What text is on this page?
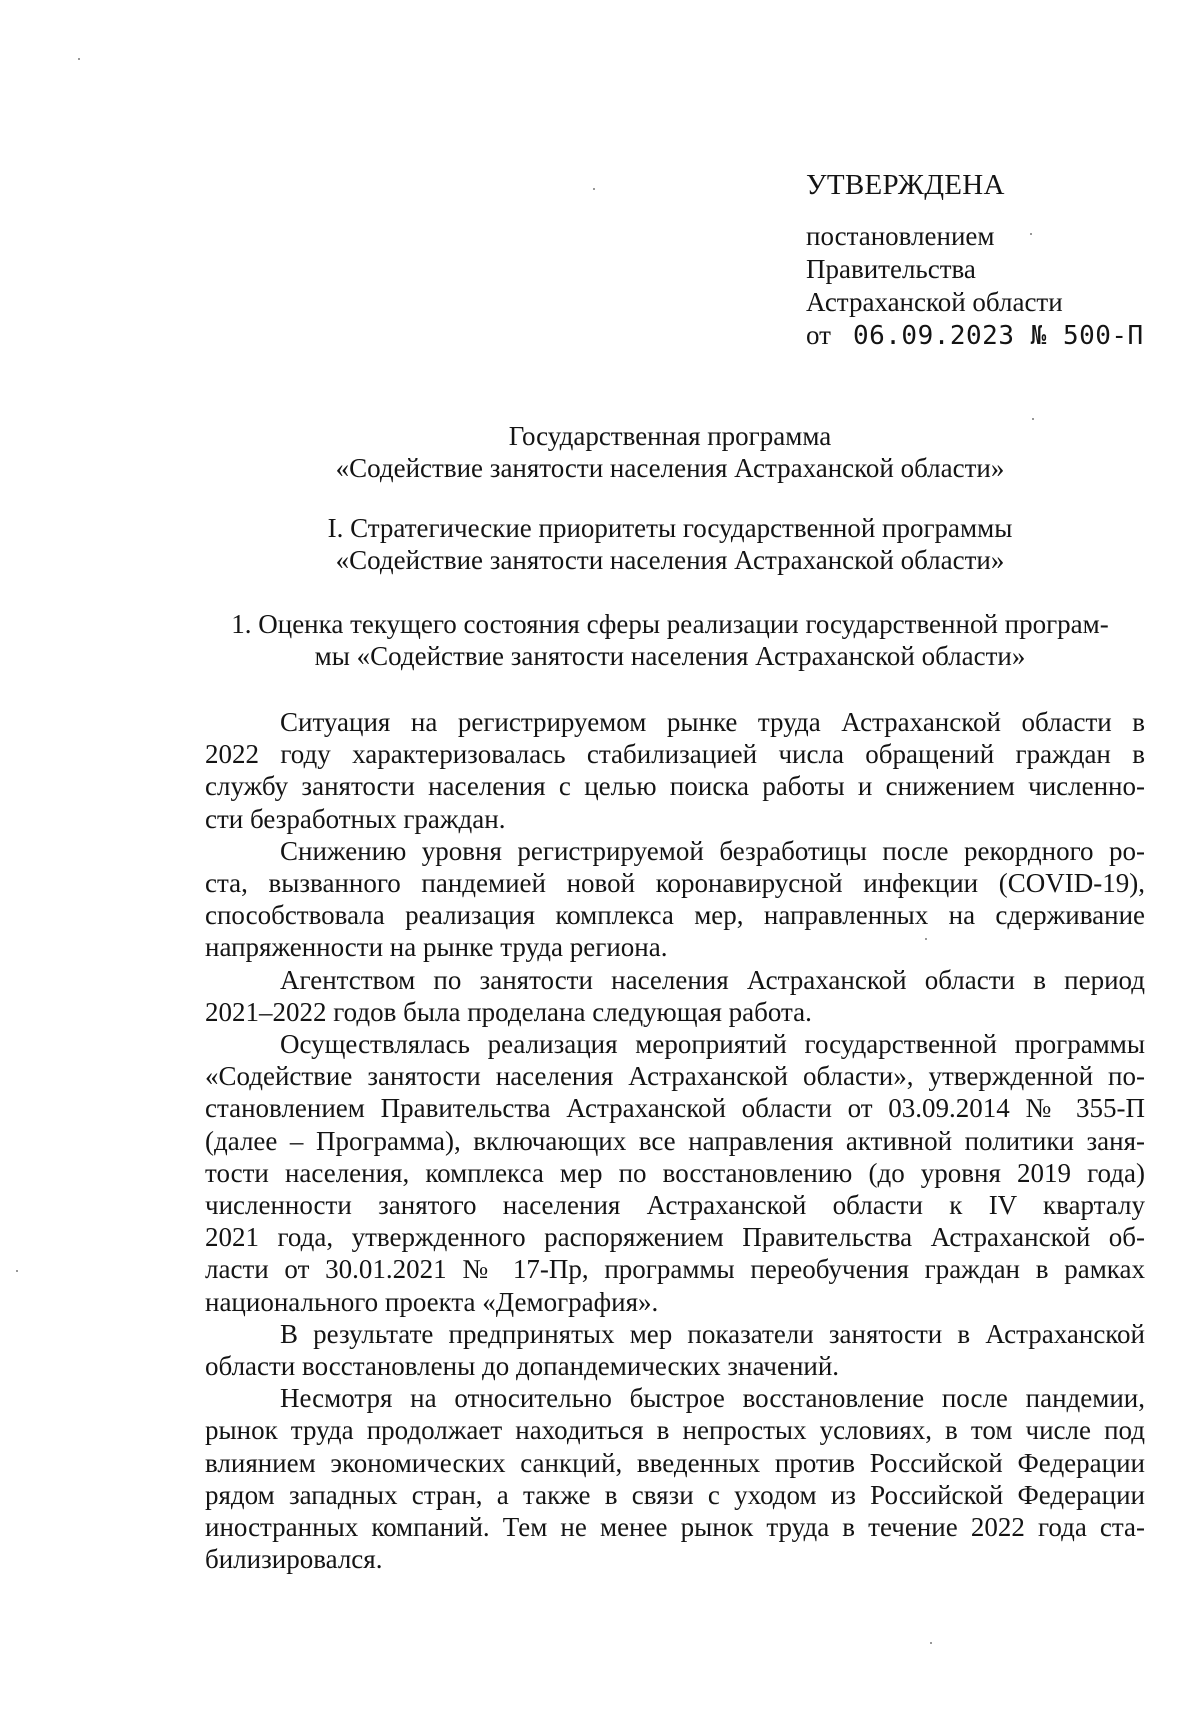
УТВЕРЖДЕНА
постановлением
Правительства
Астраханской области
от 06.09.2023 № 500-П
Государственная программа
«Содействие занятости населения Астраханской области»
I. Стратегические приоритеты государственной программы
«Содействие занятости населения Астраханской области»
1. Оценка текущего состояния сферы реализации государственной програм-
мы «Содействие занятости населения Астраханской области»
Ситуация на регистрируемом рынке труда Астраханской области в
2022 году характеризовалась стабилизацией числа обращений граждан в
службу занятости населения с целью поиска работы и снижением численно-
сти безработных граждан.
Снижению уровня регистрируемой безработицы после рекордного ро-
ста, вызванного пандемией новой коронавирусной инфекции (COVID-19),
способствовала реализация комплекса мер, направленных на сдерживание
напряженности на рынке труда региона.
Агентством по занятости населения Астраханской области в период
2021–2022 годов была проделана следующая работа.
Осуществлялась реализация мероприятий государственной программы
«Содействие занятости населения Астраханской области», утвержденной по-
становлением Правительства Астраханской области от 03.09.2014 № 355-П
(далее – Программа), включающих все направления активной политики заня-
тости населения, комплекса мер по восстановлению (до уровня 2019 года)
численности занятого населения Астраханской области к IV кварталу
2021 года, утвержденного распоряжением Правительства Астраханской об-
ласти от 30.01.2021 № 17-Пр, программы переобучения граждан в рамках
национального проекта «Демография».
В результате предпринятых мер показатели занятости в Астраханской
области восстановлены до допандемических значений.
Несмотря на относительно быстрое восстановление после пандемии,
рынок труда продолжает находиться в непростых условиях, в том числе под
влиянием экономических санкций, введенных против Российской Федерации
рядом западных стран, а также в связи с уходом из Российской Федерации
иностранных компаний. Тем не менее рынок труда в течение 2022 года ста-
билизировался.
